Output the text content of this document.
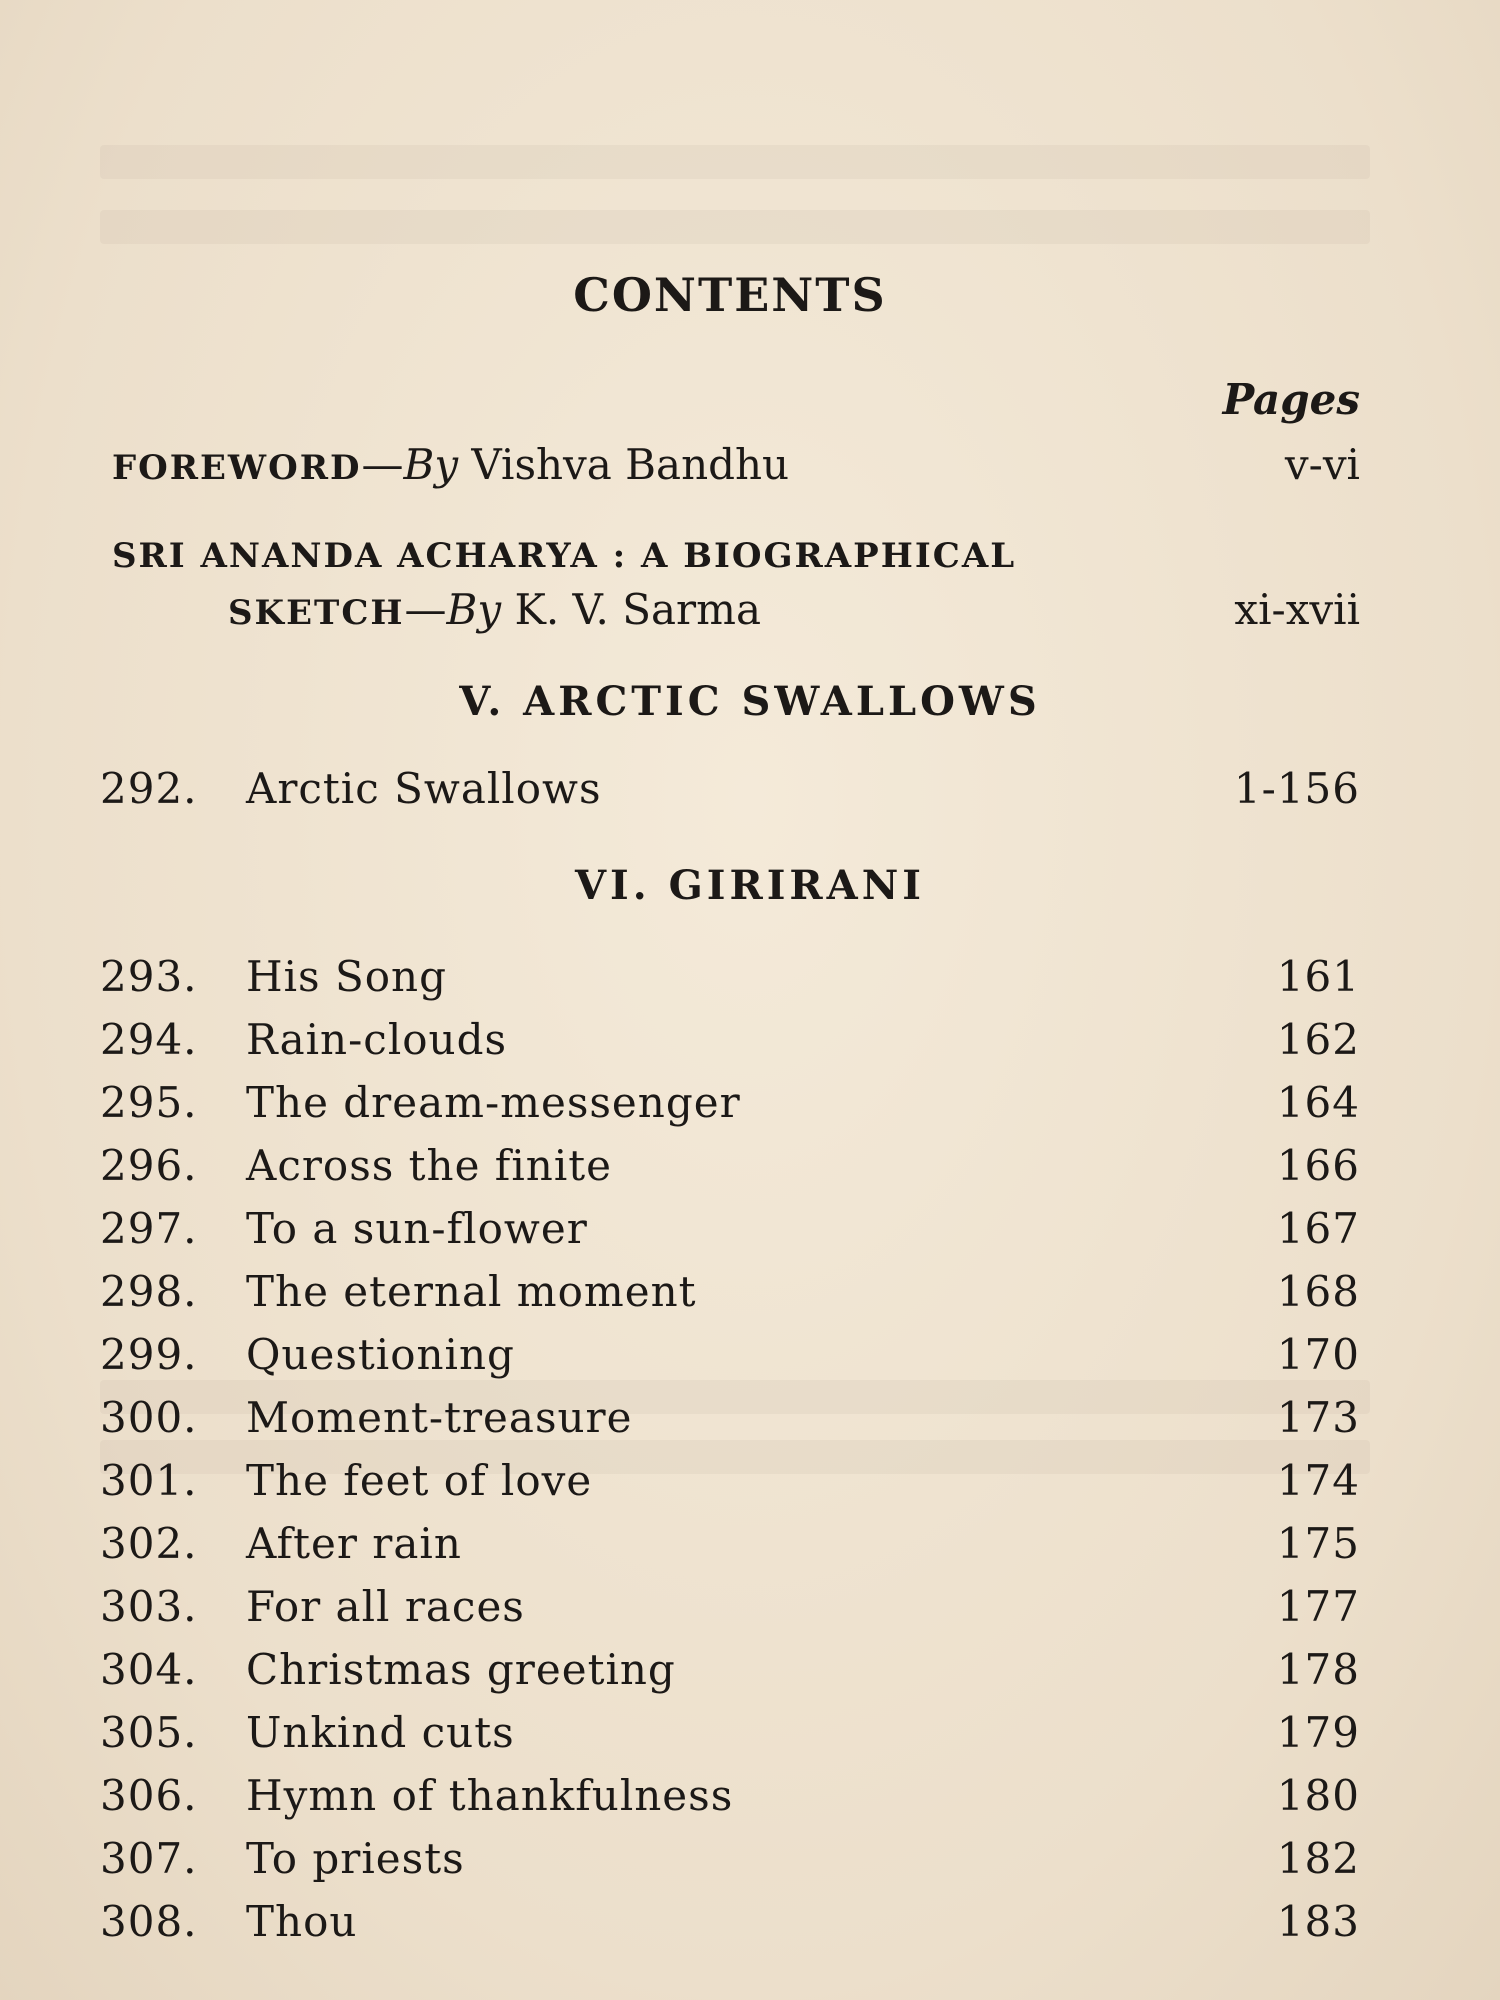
CONTENTS
Pages
FOREWORD—By Vishva Bandhu	v-vi
SRI ANANDA ACHARYA : A BIOGRAPHICAL
SKETCH—By K. V. Sarma	xi-xvii
V. ARCTIC SWALLOWS
292. Arctic Swallows	1-156
VI. GIRIRANI
293. His Song	161
294. Rain-clouds	162
295. The dream-messenger	164
296. Across the finite	166
297. To a sun-flower	167
298. The eternal moment	168
299. Questioning	170
300. Moment-treasure	173
301. The feet of love	174
302. After rain	175
303. For all races	177
304. Christmas greeting	178
305. Unkind cuts	179
306. Hymn of thankfulness	180
307. To priests	182
308. Thou	183
